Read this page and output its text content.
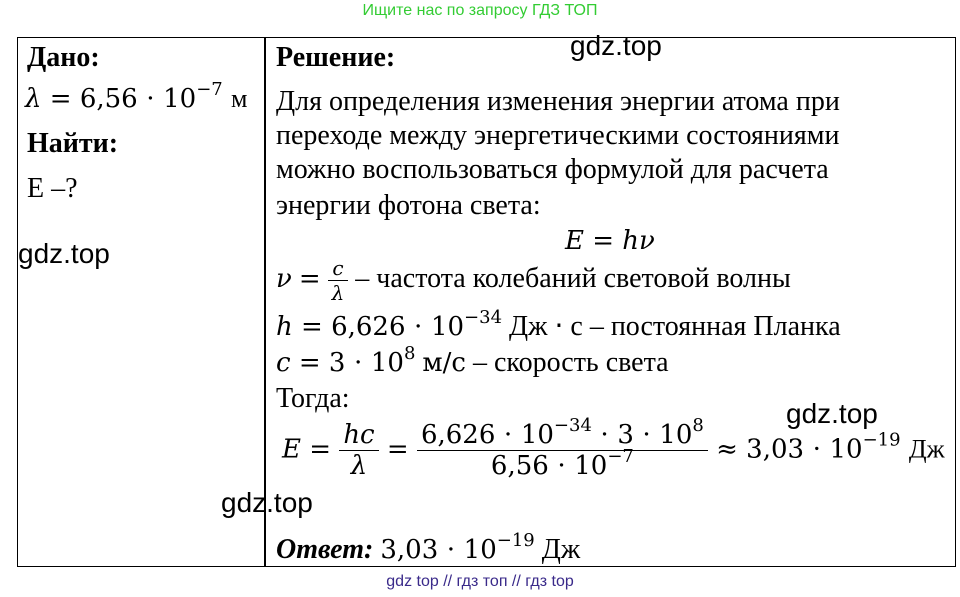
Ищите нас по запросу ГДЗ ТОП
Дано:
$\lambda = 6,56 \cdot 10^{-7}$ м
Найти:
E –?
Решение:
Для определения изменения энергии атома при
переходе между энергетическими состояниями
можно воспользоваться формулой для расчета
энергии фотона света:
E = hν
$\nu = \frac{c}{\lambda}$ – частота колебаний световой волны
$h = 6,626 \cdot 10^{-34}$ Дж ⋅ с – постоянная Планка
$c = 3 \cdot 10^8$ м/с – скорость света
Тогда:
$E = \frac{hc}{\lambda} = \frac{6,626 \cdot 10^{-34} \cdot 3 \cdot 10^8}{6,56 \cdot 10^{-7}} \approx 3,03 \cdot 10^{-19}$ Дж
Ответ: $3,03 \cdot 10^{-19}$ Дж
gdz.top
gdz.top
gdz.top
gdz.top
gdz top // гдз топ // гдз top
